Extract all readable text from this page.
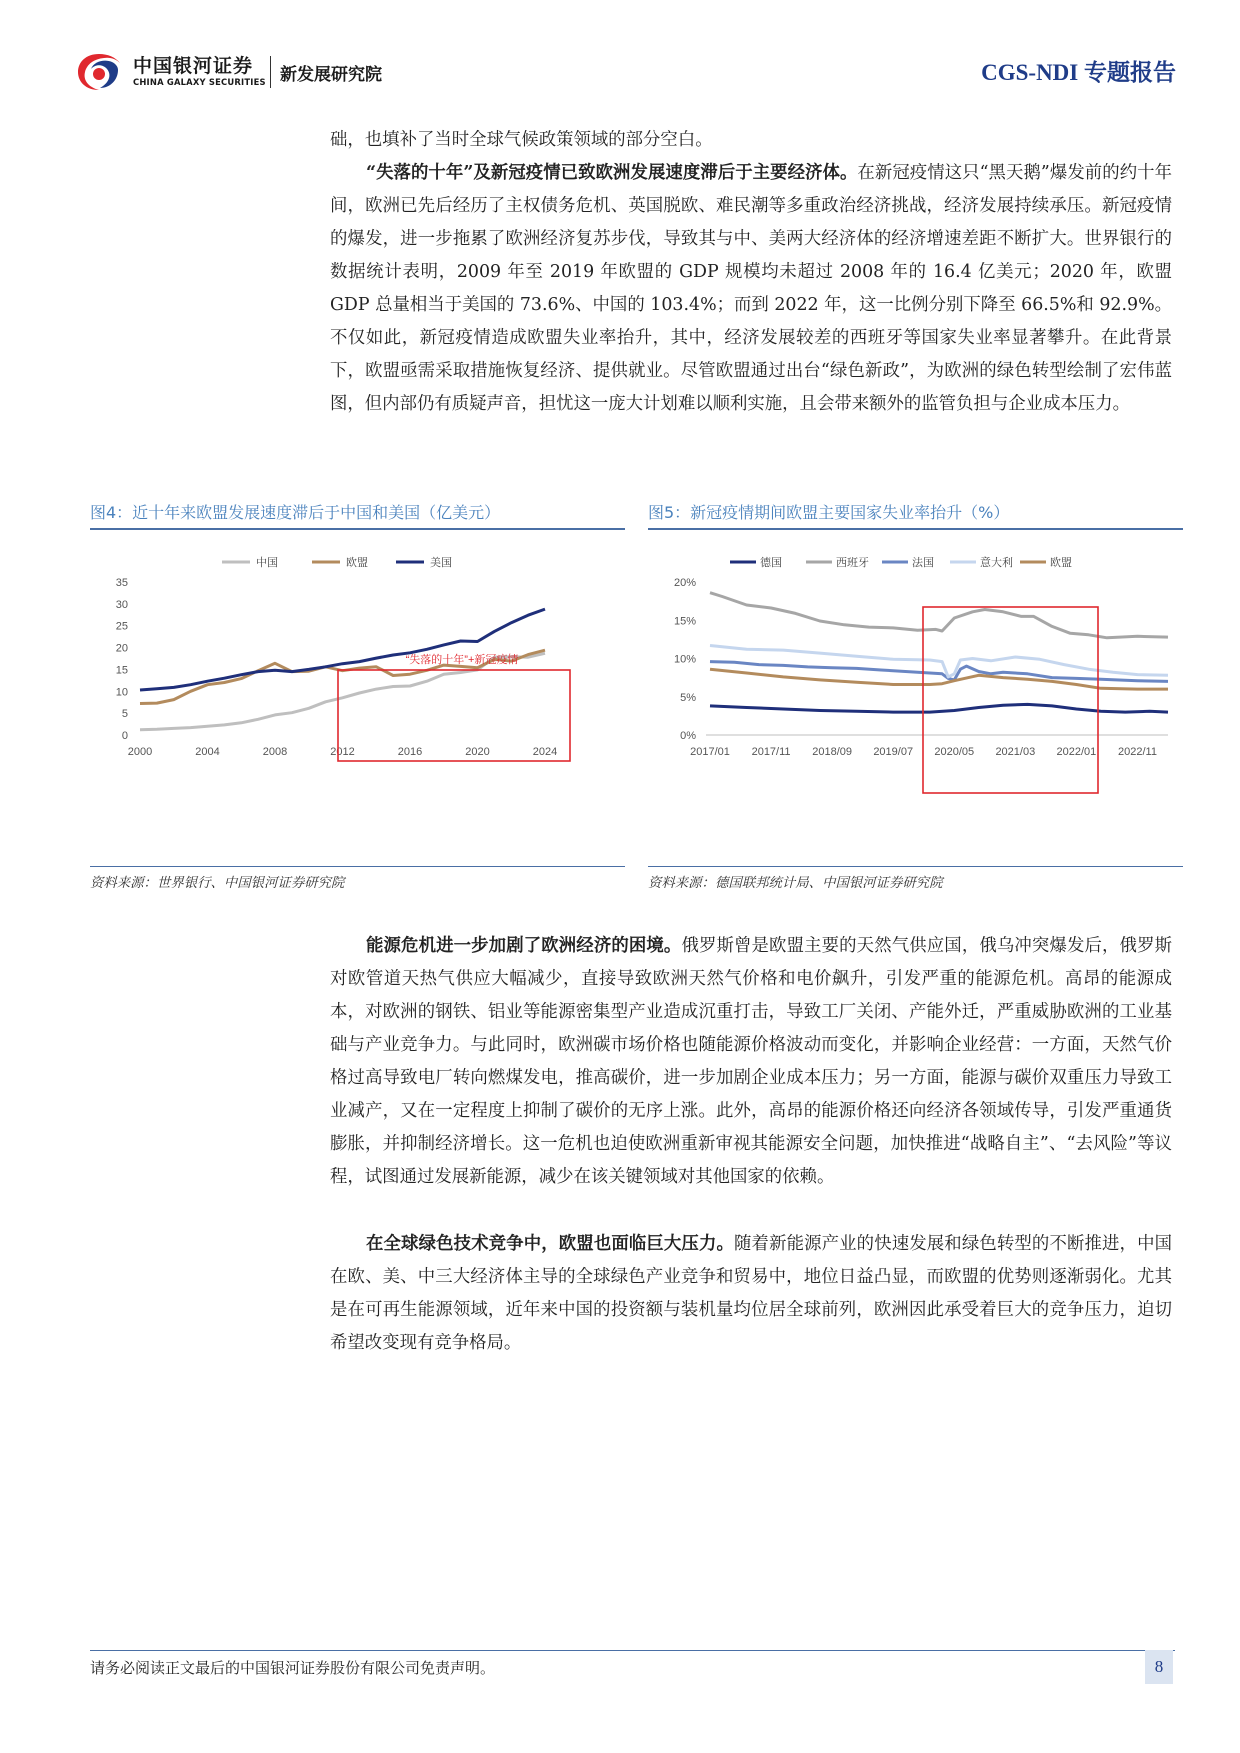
中国银河证券
CHINA GALAXY SECURITIES 新发展研究院	CGS-NDI 专题报告

础，也填补了当时全球气候政策领域的部分空白。

“失落的十年”及新冠疫情已致欧洲发展速度滞后于主要经济体。在新冠疫情这只“黑天鹅”爆发前的约十年间，欧洲已先后经历了主权债务危机、英国脱欧、难民潮等多重政治经济挑战，经济发展持续承压。新冠疫情的爆发，进一步拖累了欧洲经济复苏步伐，导致其与中、美两大经济体的经济增速差距不断扩大。世界银行的数据统计表明，2009 年至 2019 年欧盟的 GDP 规模均未超过 2008 年的 16.4 亿美元；2020 年，欧盟 GDP 总量相当于美国的 73.6%、中国的 103.4%；而到 2022 年，这一比例分别下降至 66.5%和 92.9%。不仅如此，新冠疫情造成欧盟失业率抬升，其中，经济发展较差的西班牙等国家失业率显著攀升。在此背景下，欧盟亟需采取措施恢复经济、提供就业。尽管欧盟通过出台“绿色新政”，为欧洲的绿色转型绘制了宏伟蓝图，但内部仍有质疑声音，担忧这一庞大计划难以顺利实施，且会带来额外的监管负担与企业成本压力。

图4：近十年来欧盟发展速度滞后于中国和美国（亿美元）
中国	欧盟	美国
0
5
10
15
20
25
30
35
2000	2004	2008	2012	2016	2020	2024
“失落的十年”+新冠疫情
资料来源：世界银行、中国银河证券研究院
图5：新冠疫情期间欧盟主要国家失业率抬升（%）
德国	西班牙	法国	意大利	欧盟
0%
5%
10%
15%
20%
2017/01 2017/11 2018/09 2019/07 2020/05 2021/03 2022/01 2022/11
资料来源：德国联邦统计局、中国银河证券研究院

能源危机进一步加剧了欧洲经济的困境。俄罗斯曾是欧盟主要的天然气供应国，俄乌冲突爆发后，俄罗斯对欧管道天热气供应大幅减少，直接导致欧洲天然气价格和电价飙升，引发严重的能源危机。高昂的能源成本，对欧洲的钢铁、铝业等能源密集型产业造成沉重打击，导致工厂关闭、产能外迁，严重威胁欧洲的工业基础与产业竞争力。与此同时，欧洲碳市场价格也随能源价格波动而变化，并影响企业经营：一方面，天然气价格过高导致电厂转向燃煤发电，推高碳价，进一步加剧企业成本压力；另一方面，能源与碳价双重压力导致工业减产，又在一定程度上抑制了碳价的无序上涨。此外，高昂的能源价格还向经济各领域传导，引发严重通货膨胀，并抑制经济增长。这一危机也迫使欧洲重新审视其能源安全问题，加快推进“战略自主”、“去风险”等议程，试图通过发展新能源，减少在该关键领域对其他国家的依赖。

在全球绿色技术竞争中，欧盟也面临巨大压力。随着新能源产业的快速发展和绿色转型的不断推进，中国在欧、美、中三大经济体主导的全球绿色产业竞争和贸易中，地位日益凸显，而欧盟的优势则逐渐弱化。尤其是在可再生能源领域，近年来中国的投资额与装机量均位居全球前列，欧洲因此承受着巨大的竞争压力，迫切希望改变现有竞争格局。

请务必阅读正文最后的中国银河证券股份有限公司免责声明。	8
